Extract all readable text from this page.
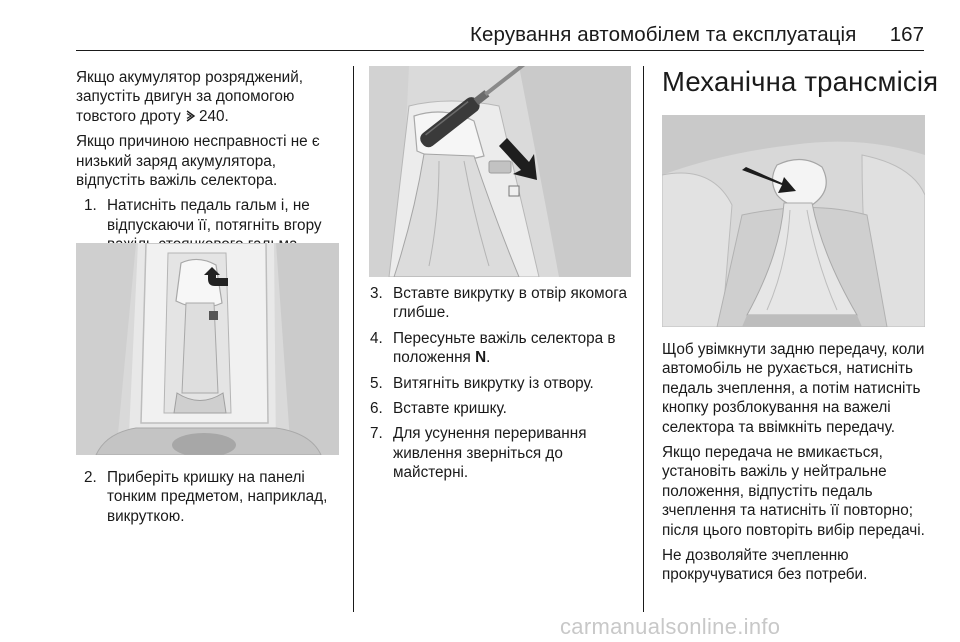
Керування автомобілем та експлуатація 167

Якщо акумулятор розряджений, запустіть двигун за допомогою товстого дроту 240.

Якщо причиною несправності не є низький заряд акумулятора, відпустіть важіль селектора.

1. Натисніть педаль гальм і, не відпускаючи її, потягніть вгору
2. Приберіть кришку на панелі тонким предметом, наприклад, викруткою.
3. Вставте викрутку в отвір якомога глибше.
4. Пересуньте важіль селектора в положення N.
5. Витягніть викрутку із отвору.
6. Вставте кришку.
7. Для усунення переривання живлення зверніться до майстерні.
Механічна трансмісія

Щоб увімкнути задню передачу, коли автомобіль не рухається, натисніть педаль зчеплення, а потім натисніть кнопку розблокування на важелі селектора та ввімкніть передачу.

Якщо передача не вмикається, установіть важіль у нейтральне положення, відпустіть педаль зчеплення та натисніть її повторно; після цього повторіть вибір передачі.

Не дозволяйте зчепленню прокручуватися без потреби.

carmanualsonline.info
